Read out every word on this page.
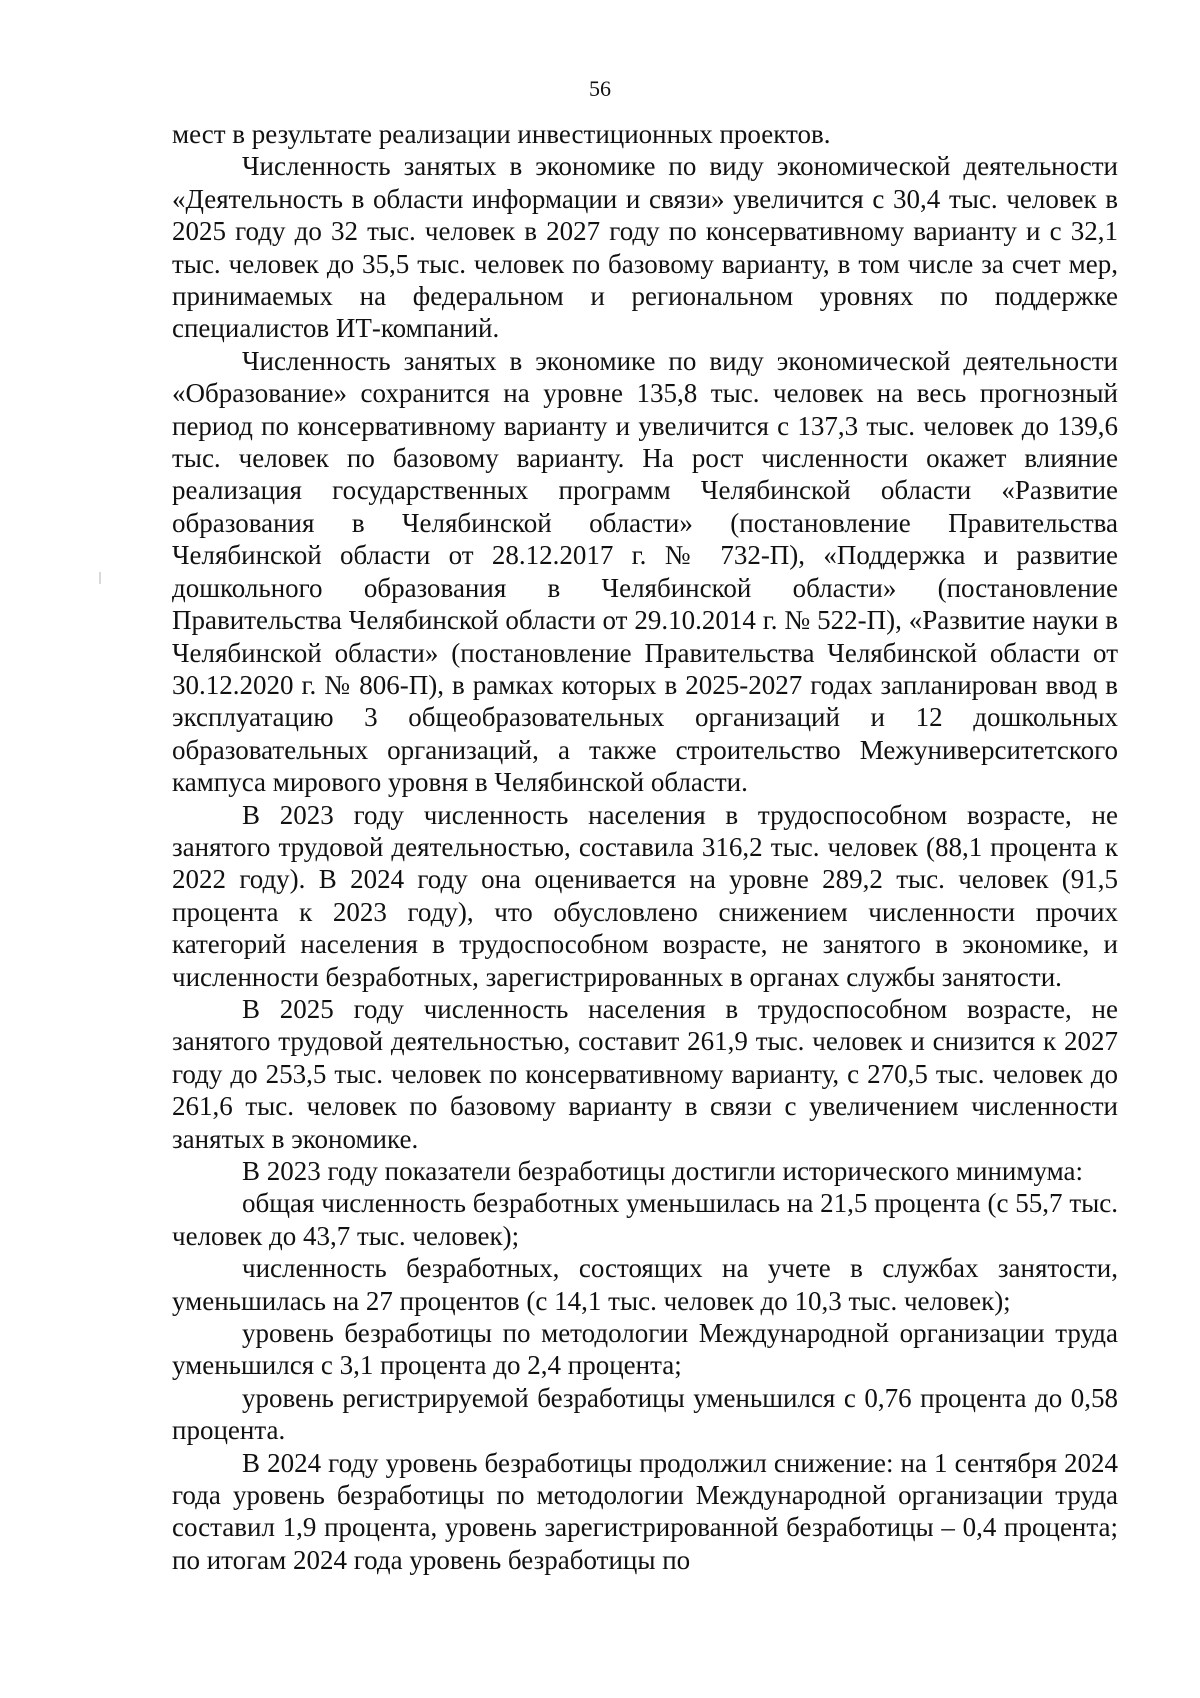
56

мест в результате реализации инвестиционных проектов.

Численность занятых в экономике по виду экономической деятельности «Деятельность в области информации и связи» увеличится с 30,4 тыс. человек в 2025 году до 32 тыс. человек в 2027 году по консервативному варианту и с 32,1 тыс. человек до 35,5 тыс. человек по базовому варианту, в том числе за счет мер, принимаемых на федеральном и региональном уровнях по поддержке специалистов ИТ-компаний.

Численность занятых в экономике по виду экономической деятельности «Образование» сохранится на уровне 135,8 тыс. человек на весь прогнозный период по консервативному варианту и увеличится с 137,3 тыс. человек до 139,6 тыс. человек по базовому варианту. На рост численности окажет влияние реализация государственных программ Челябинской области «Развитие образования в Челябинской области» (постановление Правительства Челябинской области от 28.12.2017 г. № 732-П), «Поддержка и развитие дошкольного образования в Челябинской области» (постановление Правительства Челябинской области от 29.10.2014 г. № 522-П), «Развитие науки в Челябинской области» (постановление Правительства Челябинской области от 30.12.2020 г. № 806-П), в рамках которых в 2025-2027 годах запланирован ввод в эксплуатацию 3 общеобразовательных организаций и 12 дошкольных образовательных организаций, а также строительство Межуниверситетского кампуса мирового уровня в Челябинской области.

В 2023 году численность населения в трудоспособном возрасте, не занятого трудовой деятельностью, составила 316,2 тыс. человек (88,1 процента к 2022 году). В 2024 году она оценивается на уровне 289,2 тыс. человек (91,5 процента к 2023 году), что обусловлено снижением численности прочих категорий населения в трудоспособном возрасте, не занятого в экономике, и численности безработных, зарегистрированных в органах службы занятости.

В 2025 году численность населения в трудоспособном возрасте, не занятого трудовой деятельностью, составит 261,9 тыс. человек и снизится к 2027 году до 253,5 тыс. человек по консервативному варианту, с 270,5 тыс. человек до 261,6 тыс. человек по базовому варианту в связи с увеличением численности занятых в экономике.

В 2023 году показатели безработицы достигли исторического минимума:

общая численность безработных уменьшилась на 21,5 процента (с 55,7 тыс. человек до 43,7 тыс. человек);

численность безработных, состоящих на учете в службах занятости, уменьшилась на 27 процентов (с 14,1 тыс. человек до 10,3 тыс. человек);

уровень безработицы по методологии Международной организации труда уменьшился с 3,1 процента до 2,4 процента;

уровень регистрируемой безработицы уменьшился с 0,76 процента до 0,58 процента.

В 2024 году уровень безработицы продолжил снижение: на 1 сентября 2024 года уровень безработицы по методологии Международной организации труда составил 1,9 процента, уровень зарегистрированной безработицы – 0,4 процента; по итогам 2024 года уровень безработицы по
